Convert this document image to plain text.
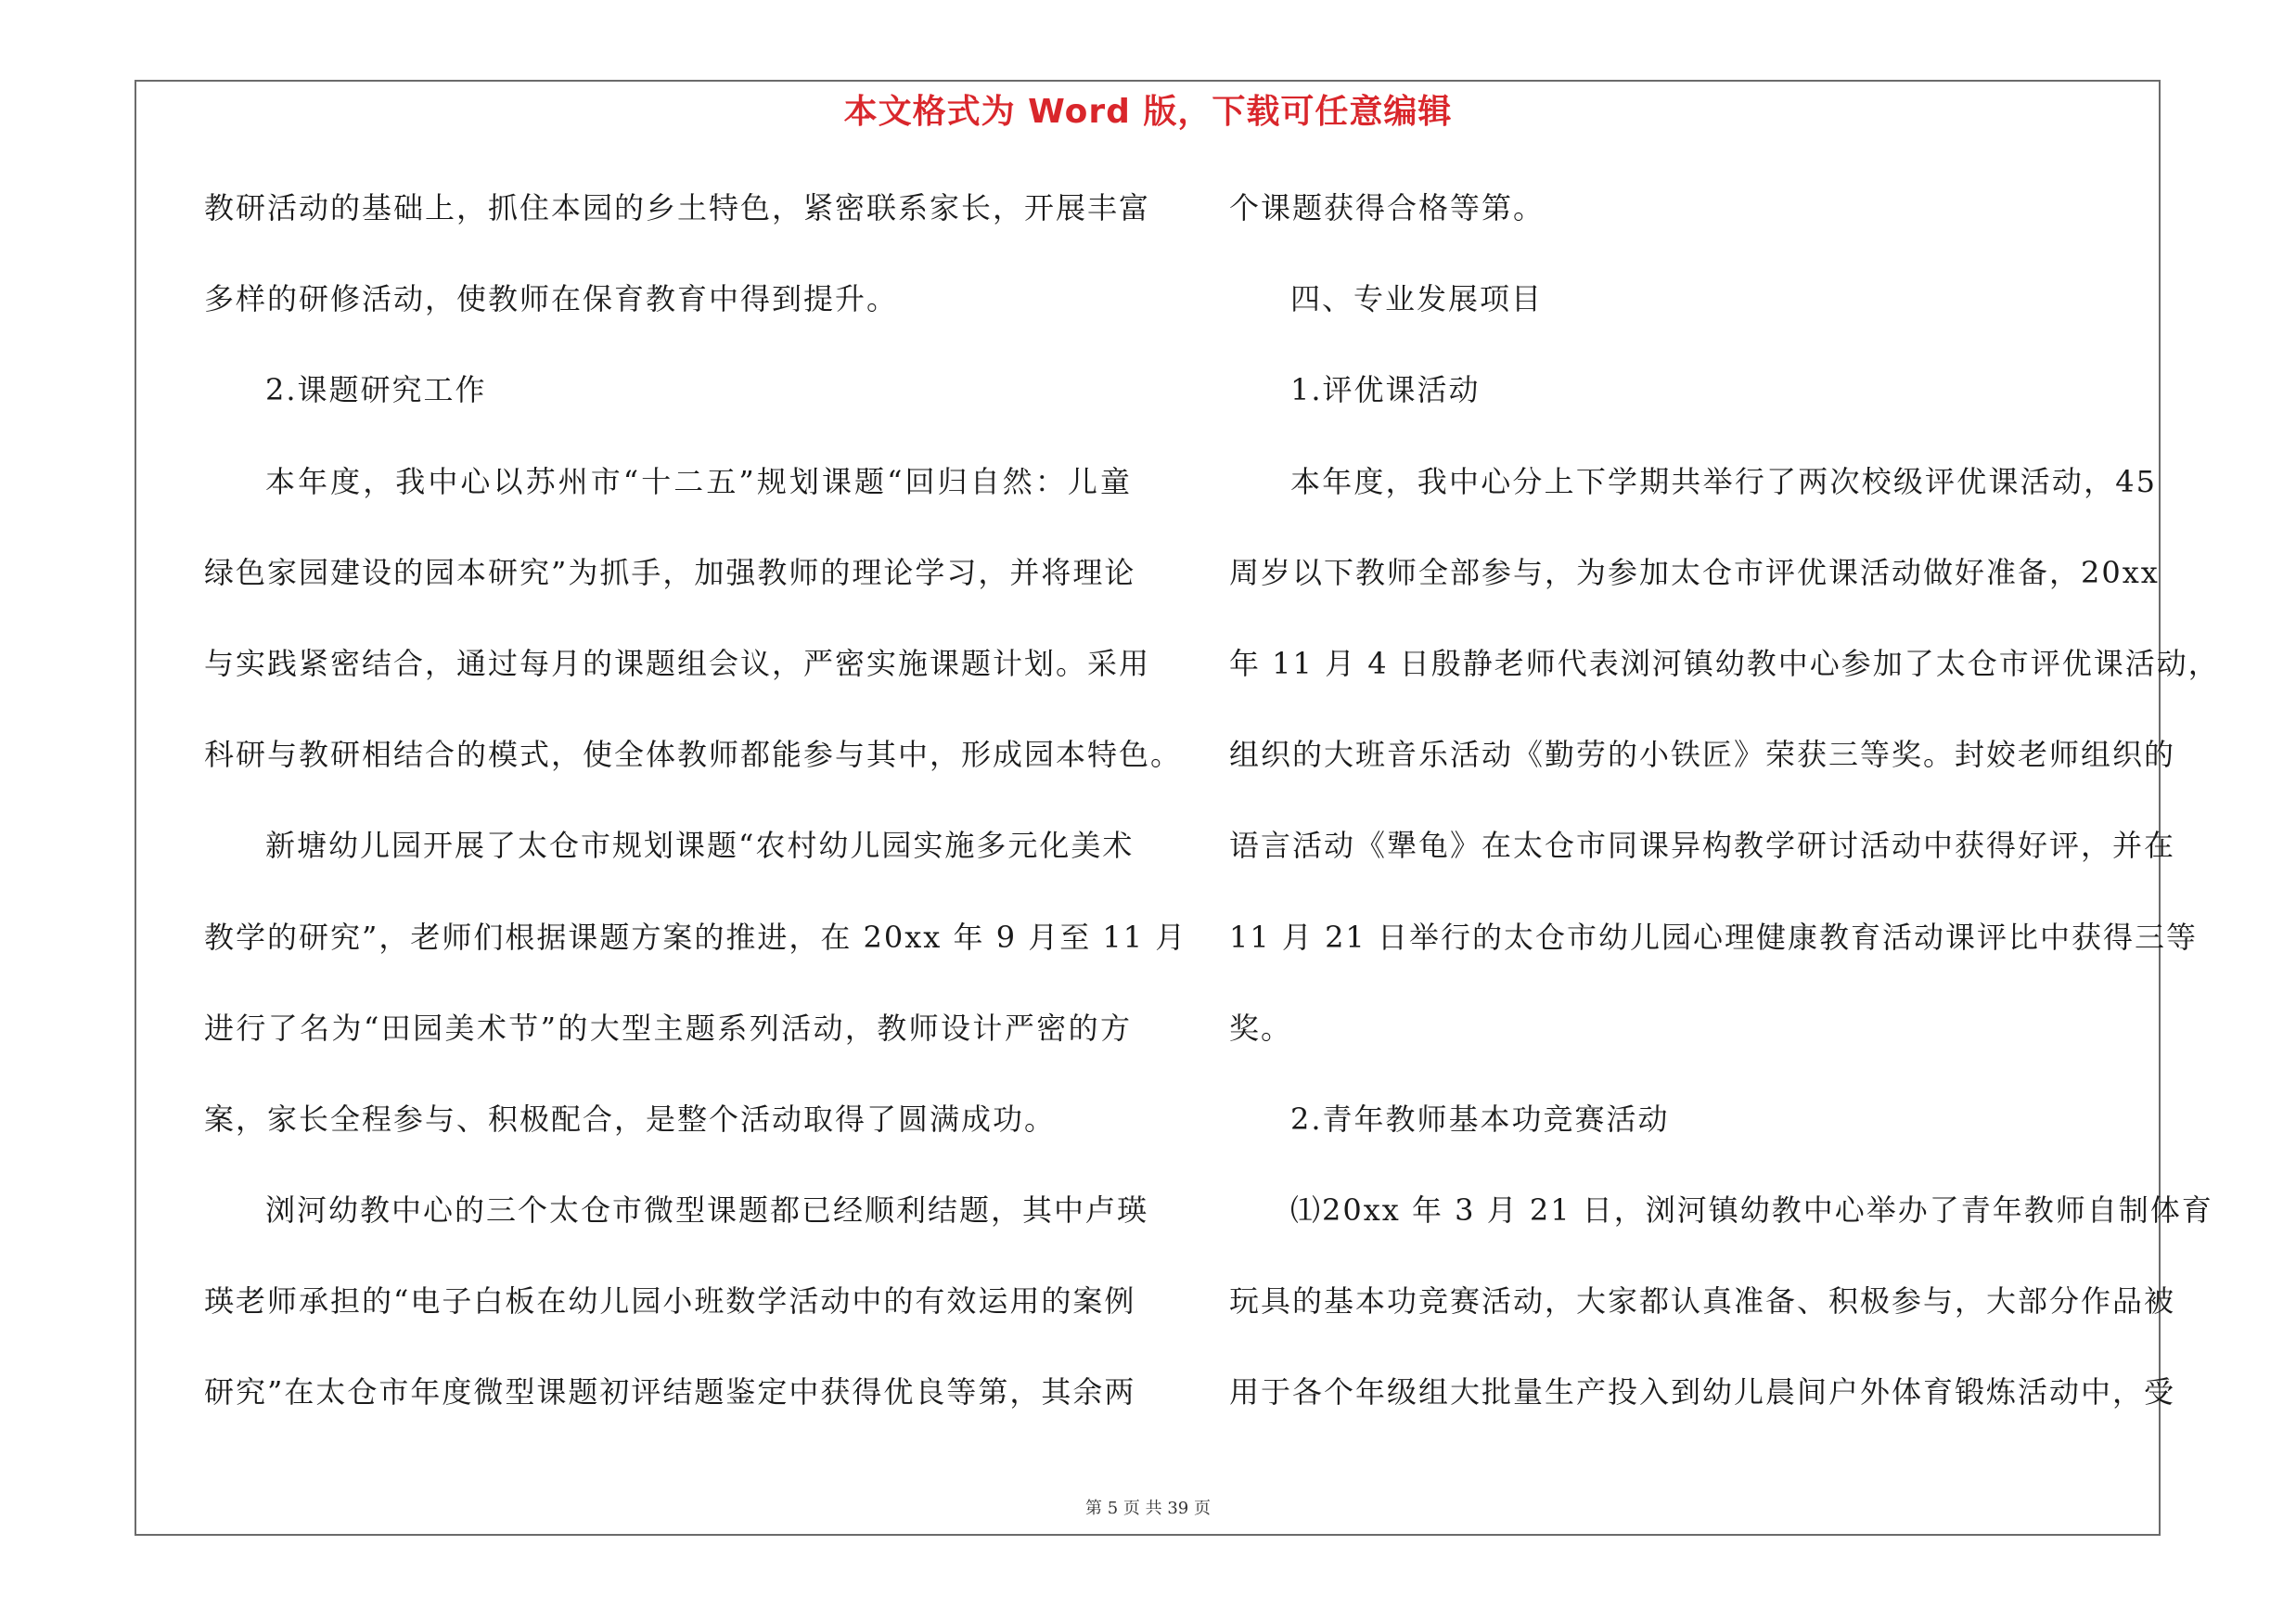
本文格式为 Word 版，下载可任意编辑
教研活动的基础上，抓住本园的乡土特色，紧密联系家长，开展丰富
多样的研修活动，使教师在保育教育中得到提升。
2.课题研究工作
本年度，我中心以苏州市“十二五”规划课题“回归自然：儿童
绿色家园建设的园本研究”为抓手，加强教师的理论学习，并将理论
与实践紧密结合，通过每月的课题组会议，严密实施课题计划。采用
科研与教研相结合的模式，使全体教师都能参与其中，形成园本特色。
新塘幼儿园开展了太仓市规划课题“农村幼儿园实施多元化美术
教学的研究”，老师们根据课题方案的推进，在 20xx 年 9 月至 11 月
进行了名为“田园美术节”的大型主题系列活动，教师设计严密的方
案，家长全程参与、积极配合，是整个活动取得了圆满成功。
浏河幼教中心的三个太仓市微型课题都已经顺利结题，其中卢瑛
瑛老师承担的“电子白板在幼儿园小班数学活动中的有效运用的案例
研究”在太仓市年度微型课题初评结题鉴定中获得优良等第，其余两
个课题获得合格等第。
四、专业发展项目
1.评优课活动
本年度，我中心分上下学期共举行了两次校级评优课活动，45
周岁以下教师全部参与，为参加太仓市评优课活动做好准备，20xx
年 11 月 4 日殷静老师代表浏河镇幼教中心参加了太仓市评优课活动，
组织的大班音乐活动《勤劳的小铁匠》荣获三等奖。封姣老师组织的
语言活动《犟龟》在太仓市同课异构教学研讨活动中获得好评，并在
11 月 21 日举行的太仓市幼儿园心理健康教育活动课评比中获得三等
奖。
2.青年教师基本功竞赛活动
⑴20xx 年 3 月 21 日，浏河镇幼教中心举办了青年教师自制体育
玩具的基本功竞赛活动，大家都认真准备、积极参与，大部分作品被
用于各个年级组大批量生产投入到幼儿晨间户外体育锻炼活动中，受
第 5 页 共 39 页
